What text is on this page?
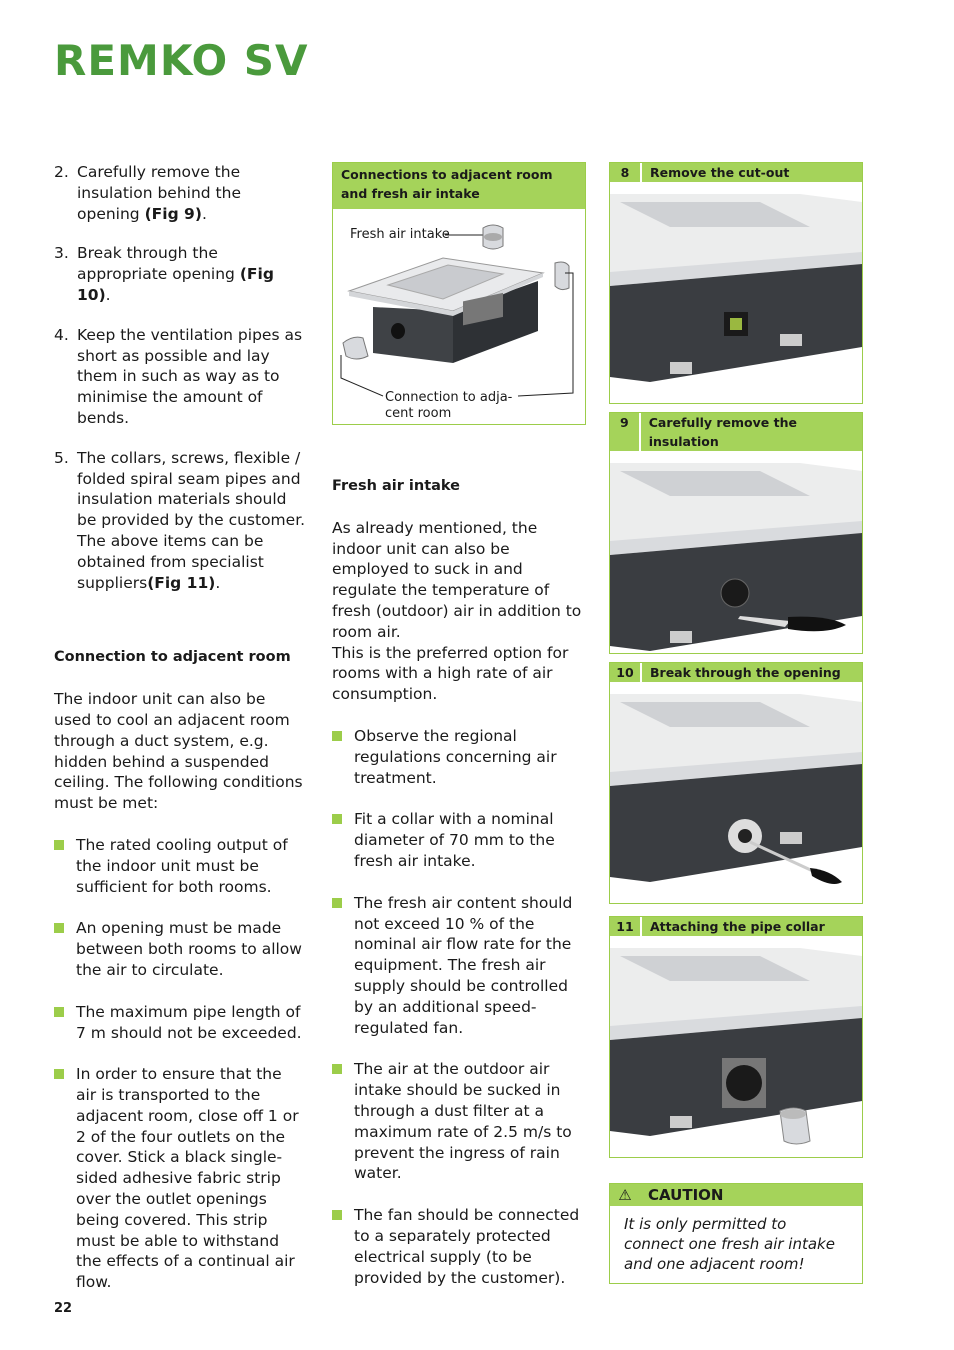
REMKO SV
2. Carefully remove the insulation behind the opening (Fig 9).
3. Break through the appropriate opening (Fig 10).
4. Keep the ventilation pipes as short as possible and lay them in such as way as to minimise the amount of bends.
5. The collars, screws, flexible / folded spiral seam pipes and insulation materials should be provided by the customer. The above items can be obtained from specialist suppliers(Fig 11).

Connection to adjacent room

The indoor unit can also be used to cool an adjacent room through a duct system, e.g. hidden behind a suspended ceiling. The following conditions must be met:

The rated cooling output of the indoor unit must be sufficient for both rooms.
An opening must be made between both rooms to allow the air to circulate.
The maximum pipe length of 7 m should not be exceeded.
In order to ensure that the air is transported to the adjacent room, close off 1 or 2 of the four outlets on the cover. Stick a black single-sided adhesive fabric strip over the outlet openings being covered. This strip must be able to withstand the effects of a continual air flow.
Connections to adjacent room and fresh air intake
Fresh air intake
Connection to adja-
cent room

Fresh air intake

As already mentioned, the indoor unit can also be employed to suck in and regulate the temperature of fresh (outdoor) air in addition to room air.

This is the preferred option for rooms with a high rate of air consumption.

Observe the regional regulations concerning air treatment.
Fit a collar with a nominal diameter of 70 mm to the fresh air intake.
The fresh air content should not exceed 10 % of the nominal air flow rate for the equipment. The fresh air supply should be controlled by an additional speed-regulated fan.
The air at the outdoor air intake should be sucked in through a dust filter at a maximum rate of 2.5 m/s to prevent the ingress of rain water.
The fan should be connected to a separately protected electrical supply (to be provided by the customer).
8	Remove the cut-out
9	Carefully remove the insulation
10	Break through the opening
11	Attaching the pipe collar
⚠	CAUTION
It is only permitted to connect one fresh air intake and one adjacent room!
22
